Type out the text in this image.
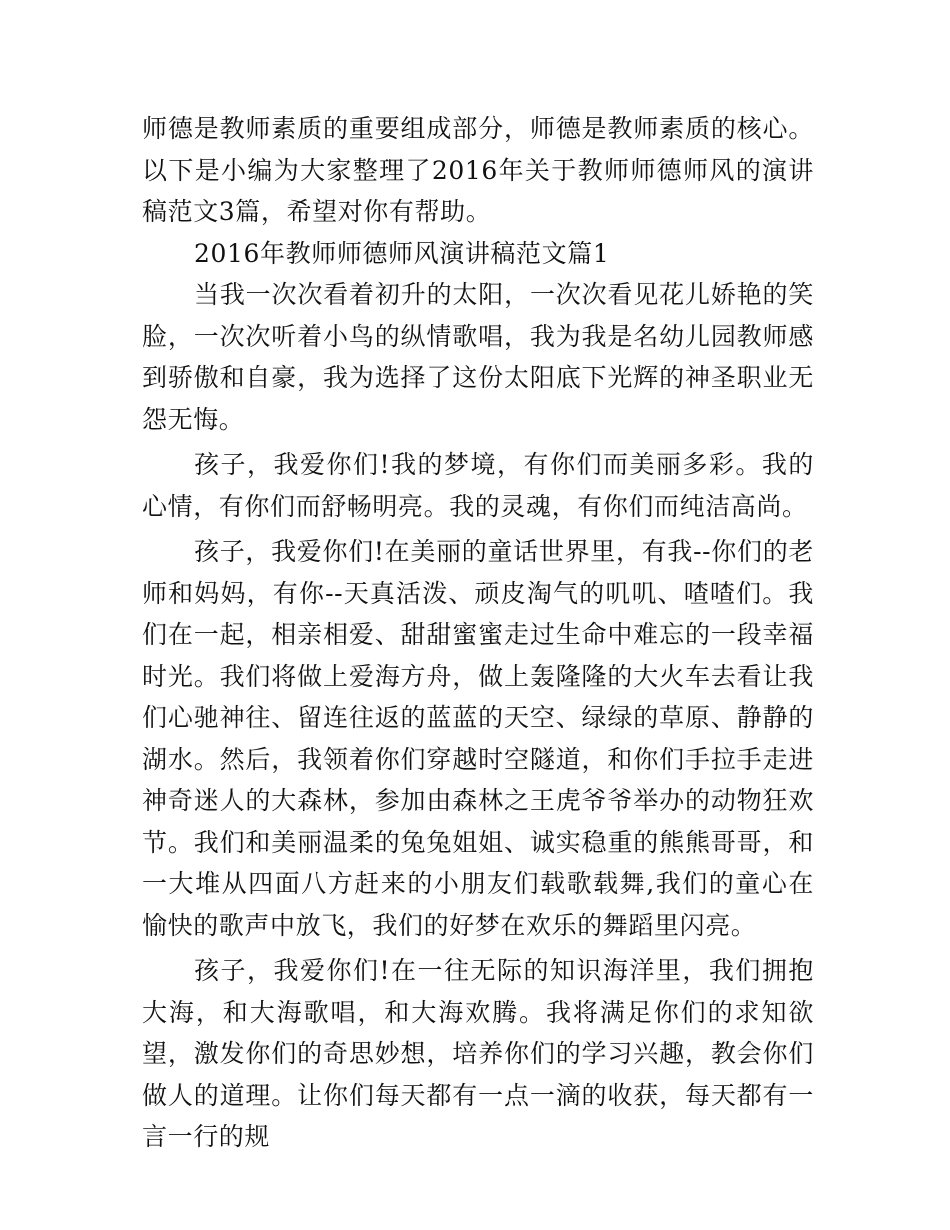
师德是教师素质的重要组成部分，师德是教师素质的核心。以下是小编为大家整理了2016年关于教师师德师风的演讲稿范文3篇，希望对你有帮助。

2016年教师师德师风演讲稿范文篇1

当我一次次看着初升的太阳，一次次看见花儿娇艳的笑脸，一次次听着小鸟的纵情歌唱，我为我是名幼儿园教师感到骄傲和自豪，我为选择了这份太阳底下光辉的神圣职业无怨无悔。

孩子，我爱你们!我的梦境，有你们而美丽多彩。我的心情，有你们而舒畅明亮。我的灵魂，有你们而纯洁高尚。

孩子，我爱你们!在美丽的童话世界里，有我--你们的老师和妈妈，有你--天真活泼、顽皮淘气的叽叽、喳喳们。我们在一起，相亲相爱、甜甜蜜蜜走过生命中难忘的一段幸福时光。我们将做上爱海方舟，做上轰隆隆的大火车去看让我们心驰神往、留连往返的蓝蓝的天空、绿绿的草原、静静的湖水。然后，我领着你们穿越时空隧道，和你们手拉手走进神奇迷人的大森林，参加由森林之王虎爷爷举办的动物狂欢节。我们和美丽温柔的兔兔姐姐、诚实稳重的熊熊哥哥，和一大堆从四面八方赶来的小朋友们载歌载舞,我们的童心在愉快的歌声中放飞，我们的好梦在欢乐的舞蹈里闪亮。

孩子，我爱你们!在一往无际的知识海洋里，我们拥抱大海，和大海歌唱，和大海欢腾。我将满足你们的求知欲望，激发你们的奇思妙想，培养你们的学习兴趣，教会你们做人的道理。让你们每天都有一点一滴的收获，每天都有一言一行的规
